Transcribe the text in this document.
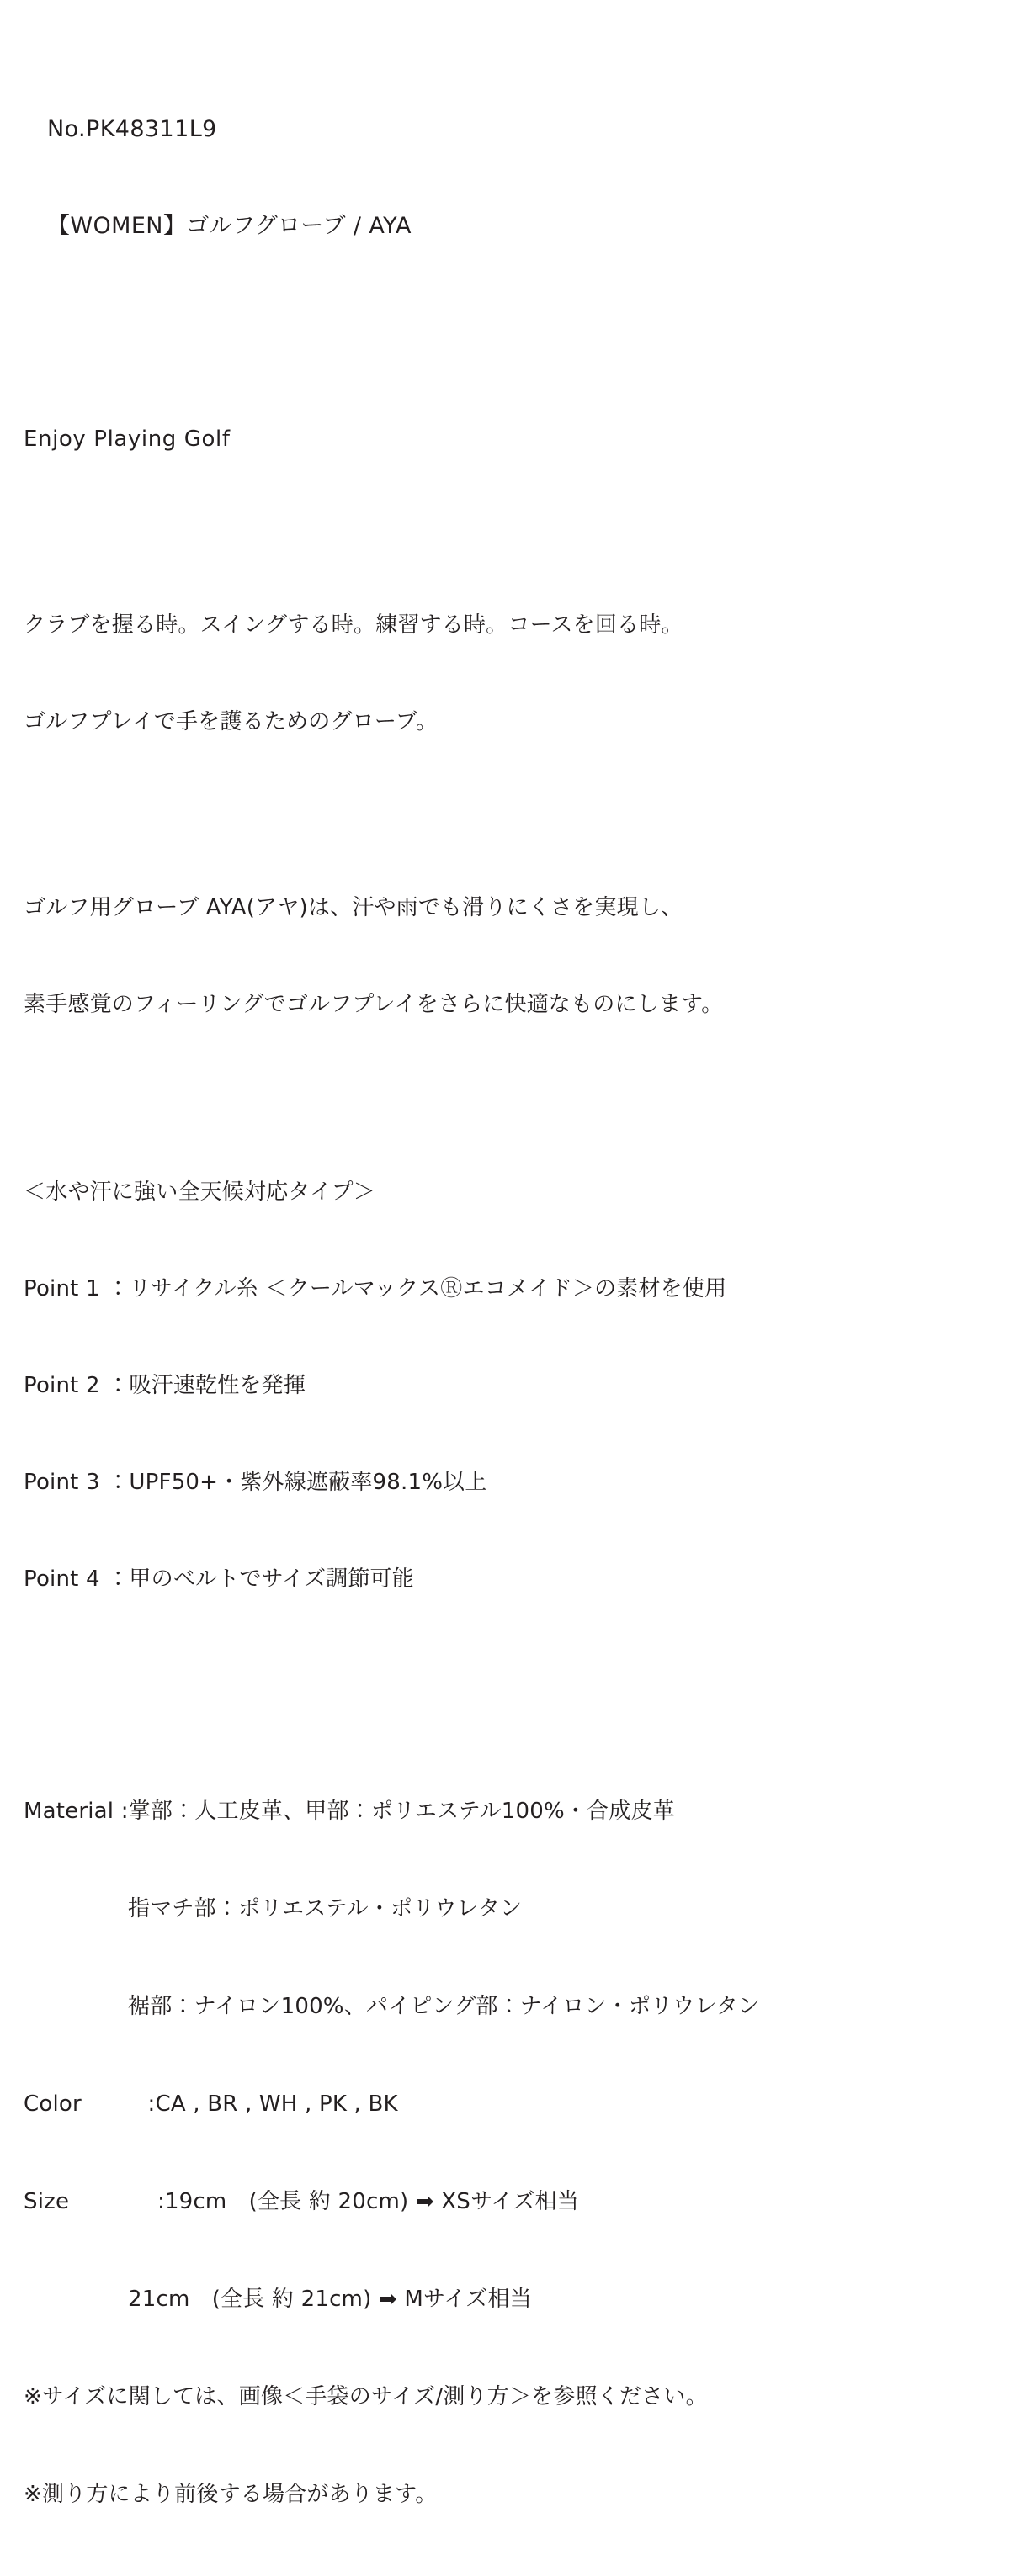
No.PK48311L9

【WOMEN】ゴルフグローブ / AYA

Enjoy Playing Golf

クラブを握る時。スイングする時。練習する時。コースを回る時。

ゴルフプレイで手を護るためのグローブ。

ゴルフ用グローブ AYA(アヤ)は、汗や雨でも滑りにくさを実現し、

素手感覚のフィーリングでゴルフプレイをさらに快適なものにします。

＜水や汗に強い全天候対応タイプ＞

Point 1 ：リサイクル糸 ＜クールマックスⓇエコメイド＞の素材を使用

Point 2 ：吸汗速乾性を発揮

Point 3 ：UPF50+・紫外線遮蔽率98.1%以上

Point 4 ：甲のベルトでサイズ調節可能

Material :掌部：人工皮革、甲部：ポリエステル100%・合成皮革

指マチ部：ポリエステル・ポリウレタン

裾部：ナイロン100%、パイピング部：ナイロン・ポリウレタン

Color　　　	:CA , BR , WH , PK , BK

Size　　　　	:19cm　(全長 約 20cm) ➡ XSサイズ相当

21cm　(全長 約 21cm) ➡ Mサイズ相当

※サイズに関しては、画像＜手袋のサイズ/測り方＞を参照ください。

※測り方により前後する場合があります。
